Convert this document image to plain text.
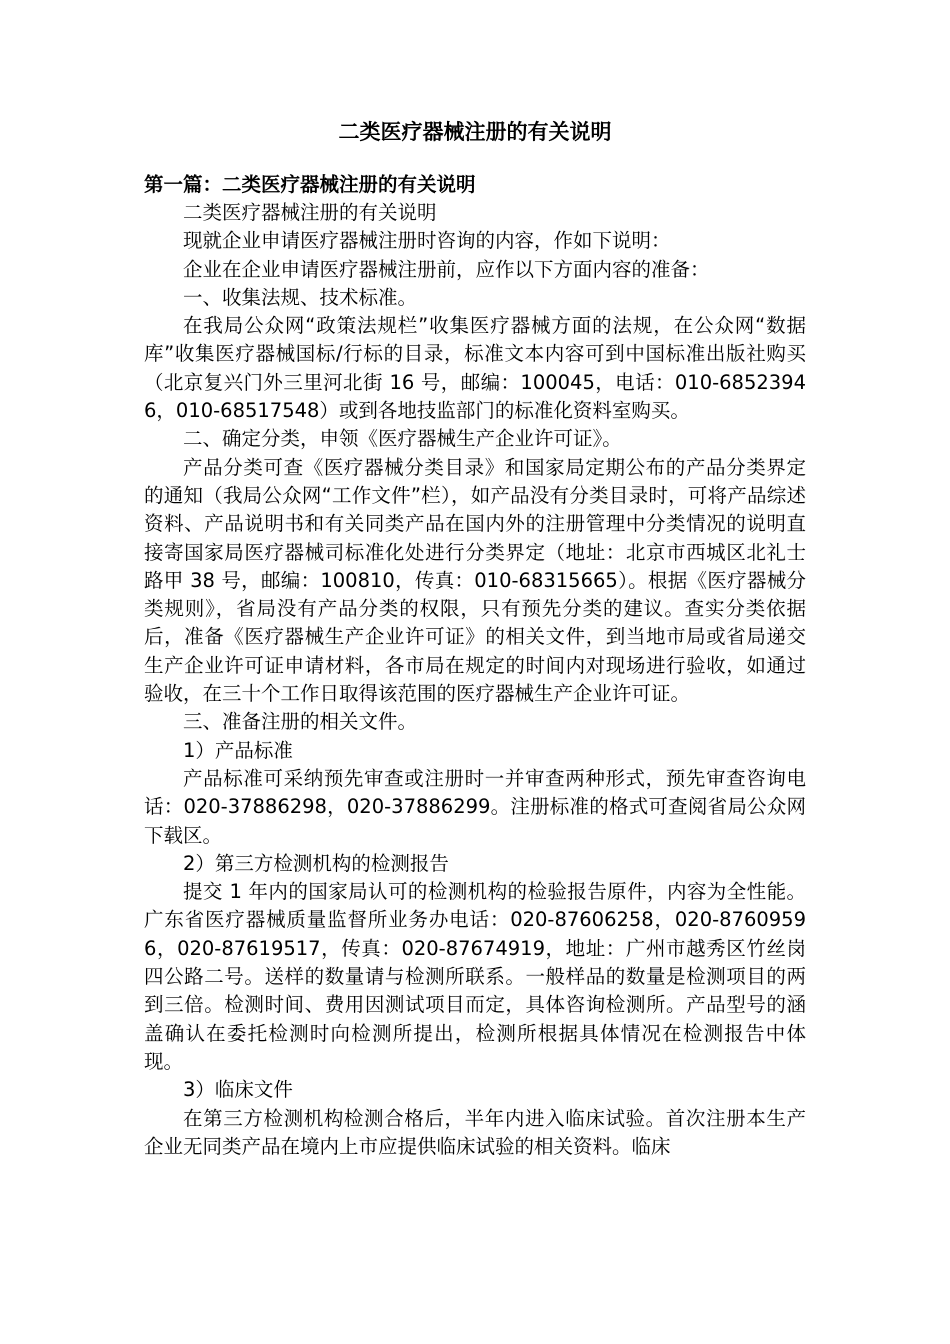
二类医疗器械注册的有关说明
第一篇：二类医疗器械注册的有关说明

二类医疗器械注册的有关说明

现就企业申请医疗器械注册时咨询的内容，作如下说明：

企业在企业申请医疗器械注册前，应作以下方面内容的准备：

一、收集法规、技术标准。

在我局公众网“政策法规栏”收集医疗器械方面的法规，在公众网“数据库”收集医疗器械国标/行标的目录，标准文本内容可到中国标准出版社购买（北京复兴门外三里河北街 16 号，邮编：100045，电话：010-68523946，010-68517548）或到各地技监部门的标准化资料室购买。

二、确定分类，申领《医疗器械生产企业许可证》。

产品分类可查《医疗器械分类目录》和国家局定期公布的产品分类界定的通知（我局公众网“工作文件”栏），如产品没有分类目录时，可将产品综述资料、产品说明书和有关同类产品在国内外的注册管理中分类情况的说明直接寄国家局医疗器械司标准化处进行分类界定（地址：北京市西城区北礼士路甲 38 号，邮编：100810，传真：010-68315665）。根据《医疗器械分类规则》，省局没有产品分类的权限，只有预先分类的建议。查实分类依据后，准备《医疗器械生产企业许可证》的相关文件，到当地市局或省局递交生产企业许可证申请材料，各市局在规定的时间内对现场进行验收，如通过验收，在三十个工作日取得该范围的医疗器械生产企业许可证。

三、准备注册的相关文件。

1）产品标准

产品标准可采纳预先审查或注册时一并审查两种形式，预先审查咨询电话：020-37886298，020-37886299。注册标准的格式可查阅省局公众网下载区。

2）第三方检测机构的检测报告

提交 1 年内的国家局认可的检测机构的检验报告原件，内容为全性能。广东省医疗器械质量监督所业务办电话：020-87606258，020-87609596，020-87619517，传真：020-87674919，地址：广州市越秀区竹丝岗四公路二号。送样的数量请与检测所联系。一般样品的数量是检测项目的两到三倍。检测时间、费用因测试项目而定，具体咨询检测所。产品型号的涵盖确认在委托检测时向检测所提出，检测所根据具体情况在检测报告中体现。

3）临床文件

在第三方检测机构检测合格后，半年内进入临床试验。首次注册本生产企业无同类产品在境内上市应提供临床试验的相关资料。临床
